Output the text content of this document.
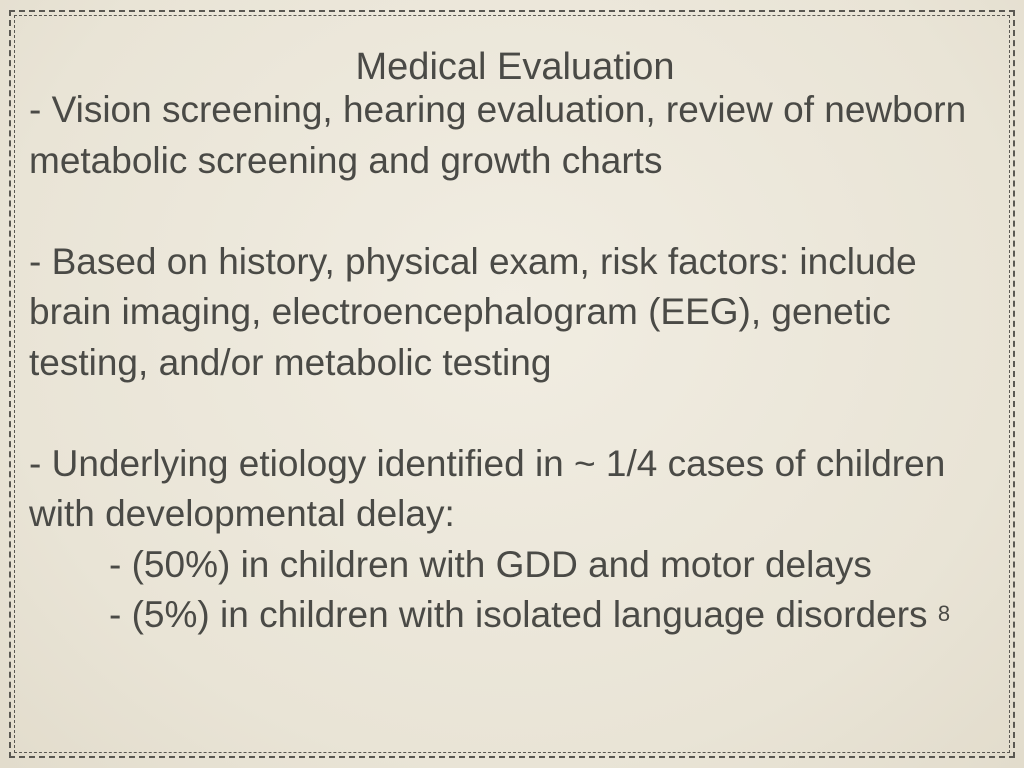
Medical Evaluation

- Vision screening, hearing evaluation, review of newborn metabolic screening and growth charts

- Based on history, physical exam, risk factors: include brain imaging, electroencephalogram (EEG), genetic testing, and/or metabolic testing

- Underlying etiology identified in ~ 1/4 cases of children with developmental delay:

- (50%) in children with GDD and motor delays

- (5%) in children with isolated language disorders $^8$
